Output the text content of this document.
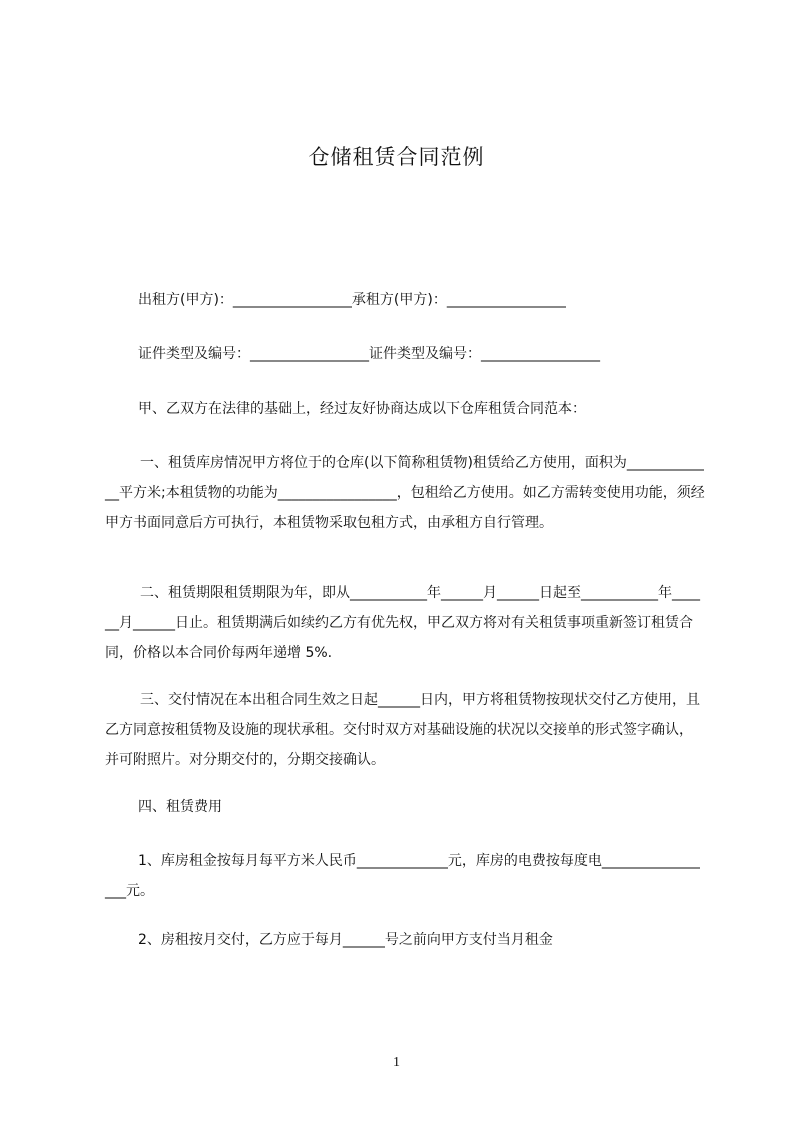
仓储租赁合同范例
出租方(甲方)：_________________承租方(甲方)：_________________
证件类型及编号：_________________证件类型及编号：_________________
甲、乙双方在法律的基础上，经过友好协商达成以下仓库租赁合同范本：
一、租赁库房情况甲方将位于的仓库(以下简称租赁物)租赁给乙方使用，面积为_____________平方米;本租赁物的功能为_________________，包租给乙方使用。如乙方需转变使用功能，须经甲方书面同意后方可执行，本租赁物采取包租方式，由承租方自行管理。
二、租赁期限租赁期限为年，即从___________年______月______日起至___________年______月______日止。租赁期满后如续约乙方有优先权，甲乙双方将对有关租赁事项重新签订租赁合同，价格以本合同价每两年递增 5%.
三、交付情况在本出租合同生效之日起______日内，甲方将租赁物按现状交付乙方使用，且乙方同意按租赁物及设施的现状承租。交付时双方对基础设施的状况以交接单的形式签字确认，并可附照片。对分期交付的，分期交接确认。
四、租赁费用
1、库房租金按每月每平方米人民币_____________元，库房的电费按每度电_________________元。
2、房租按月交付，乙方应于每月______号之前向甲方支付当月租金
1
